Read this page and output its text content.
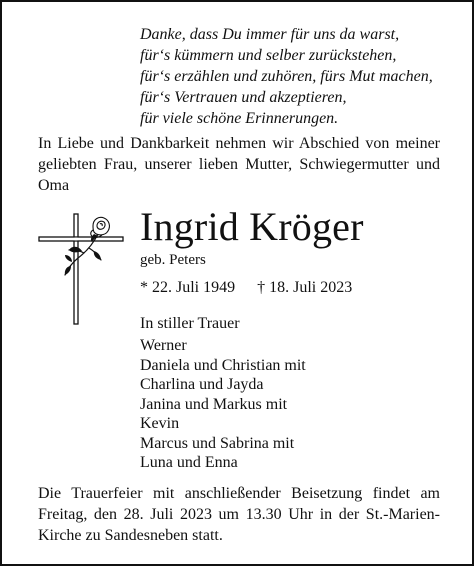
Danke, dass Du immer für uns da warst,
für‘s kümmern und selber zurückstehen,
für‘s erzählen und zuhören, fürs Mut machen,
für‘s Vertrauen und akzeptieren,
für viele schöne Erinnerungen.
In Liebe und Dankbarkeit nehmen wir Abschied von meiner
geliebten Frau, unserer lieben Mutter, Schwiegermutter und
Oma
Ingrid Kröger
geb. Peters
* 22. Juli 1949 † 18. Juli 2023
In stiller Trauer
Werner
Daniela und Christian mit
Charlina und Jayda
Janina und Markus mit
Kevin
Marcus und Sabrina mit
Luna und Enna
Die Trauerfeier mit anschließender Beisetzung findet am
Freitag, den 28. Juli 2023 um 13.30 Uhr in der St.-Marien-
Kirche zu Sandesneben statt.
